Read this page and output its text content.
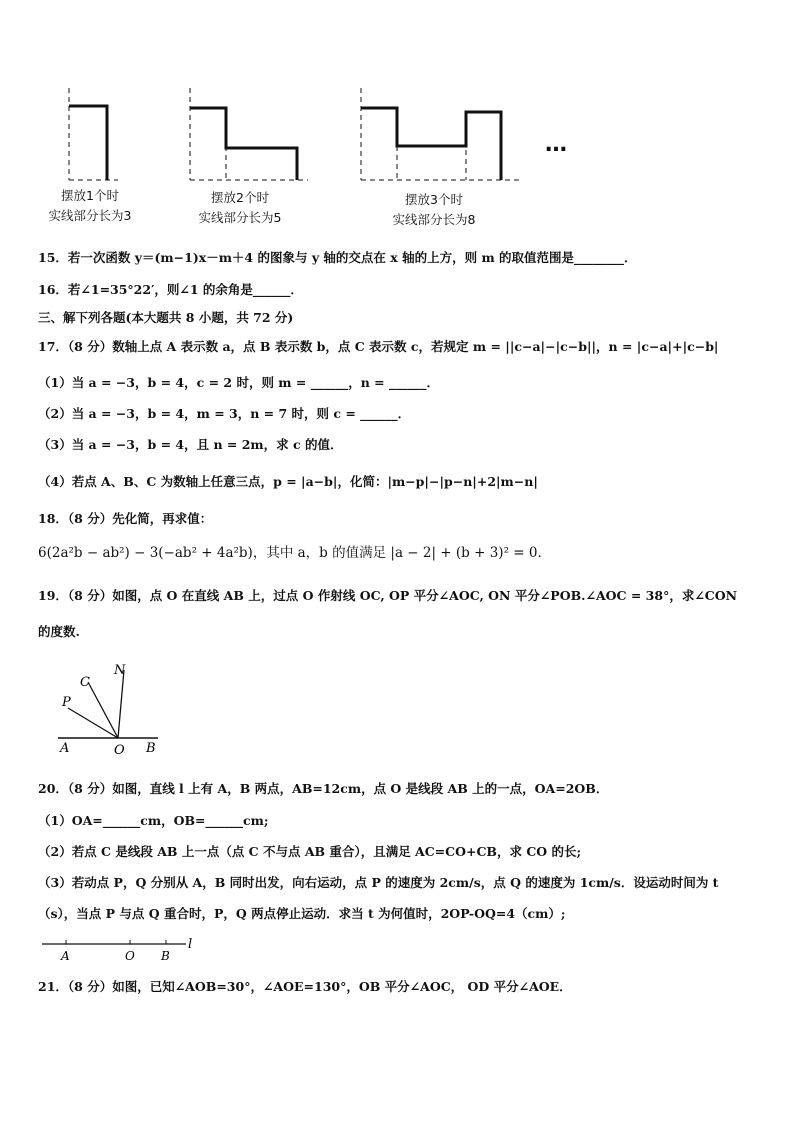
…
摆放1个时
实线部分长为3
摆放2个时
实线部分长为5
摆放3个时
实线部分长为8
15．若一次函数 y＝(m−1)x－m＋4 的图象与 y 轴的交点在 x 轴的上方，则 m 的取值范围是________．
16．若∠1=35°22′，则∠1 的余角是______．
三、解下列各题(本大题共 8 小题，共 72 分)
17．（8 分）数轴上点 A 表示数 a，点 B 表示数 b，点 C 表示数 c，若规定 m = ||c−a|−|c−b||，n = |c−a|+|c−b|
（1）当 a = −3，b = 4，c = 2 时，则 m = ______，n = ______．
（2）当 a = −3，b = 4，m = 3，n = 7 时，则 c = ______．
（3）当 a = −3，b = 4，且 n = 2m，求 c 的值．
（4）若点 A、B、C 为数轴上任意三点，p = |a−b|，化简：|m−p|−|p−n|+2|m−n|
18．（8 分）先化简，再求值：
6(2a²b − ab²) − 3(−ab² + 4a²b)，其中 a，b 的值满足 |a − 2| + (b + 3)² = 0．
19．（8 分）如图，点 O 在直线 AB 上，过点 O 作射线 OC, OP 平分∠AOC, ON 平分∠POB.∠AOC = 38°，求∠CON
的度数.
N
C
P
A	O B
20．（8 分）如图，直线 l 上有 A，B 两点，AB=12cm，点 O 是线段 AB 上的一点，OA=2OB．
（1）OA=______cm，OB=______cm;
（2）若点 C 是线段 AB 上一点（点 C 不与点 AB 重合），且满足 AC=CO+CB，求 CO 的长;
（3）若动点 P，Q 分别从 A，B 同时出发，向右运动，点 P 的速度为 2cm/s，点 Q 的速度为 1cm/s．设运动时间为 t
（s），当点 P 与点 Q 重合时，P，Q 两点停止运动．求当 t 为何值时，2OP-OQ=4（cm）;
l
A	O B
21．（8 分）如图，已知∠AOB=30°，∠AOE=130°，OB 平分∠AOC， OD 平分∠AOE．
